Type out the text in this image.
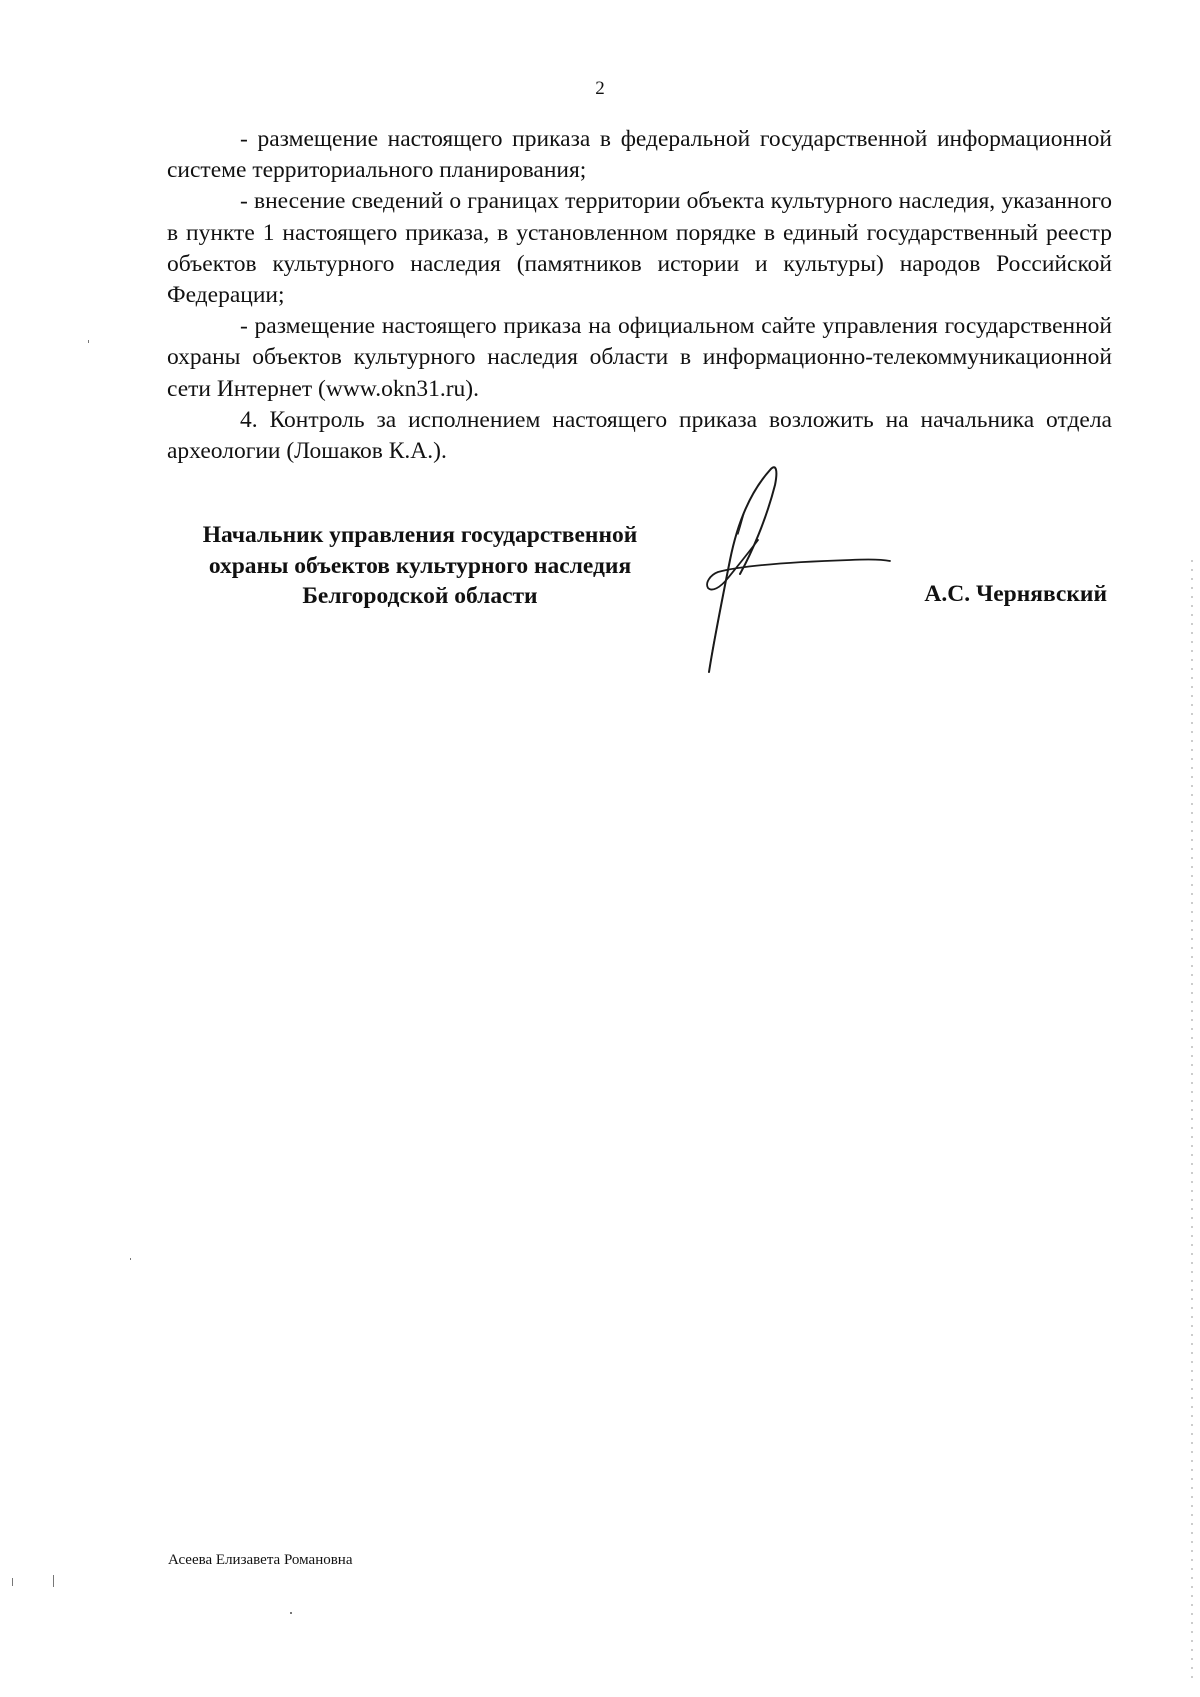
2

- размещение настоящего приказа в федеральной государственной информационной системе территориального планирования;

- внесение сведений о границах территории объекта культурного наследия, указанного в пункте 1 настоящего приказа, в установленном порядке в единый государственный реестр объектов культурного наследия (памятников истории и культуры) народов Российской Федерации;

- размещение настоящего приказа на официальном сайте управления государственной охраны объектов культурного наследия области в информационно-телекоммуникационной сети Интернет (www.okn31.ru).

4. Контроль за исполнением настоящего приказа возложить на начальника отдела археологии (Лошаков К.А.).

Начальник управления государственной
охраны объектов культурного наследия
Белгородской области	А.С. Чернявский
Асеева Елизавета Романовна
